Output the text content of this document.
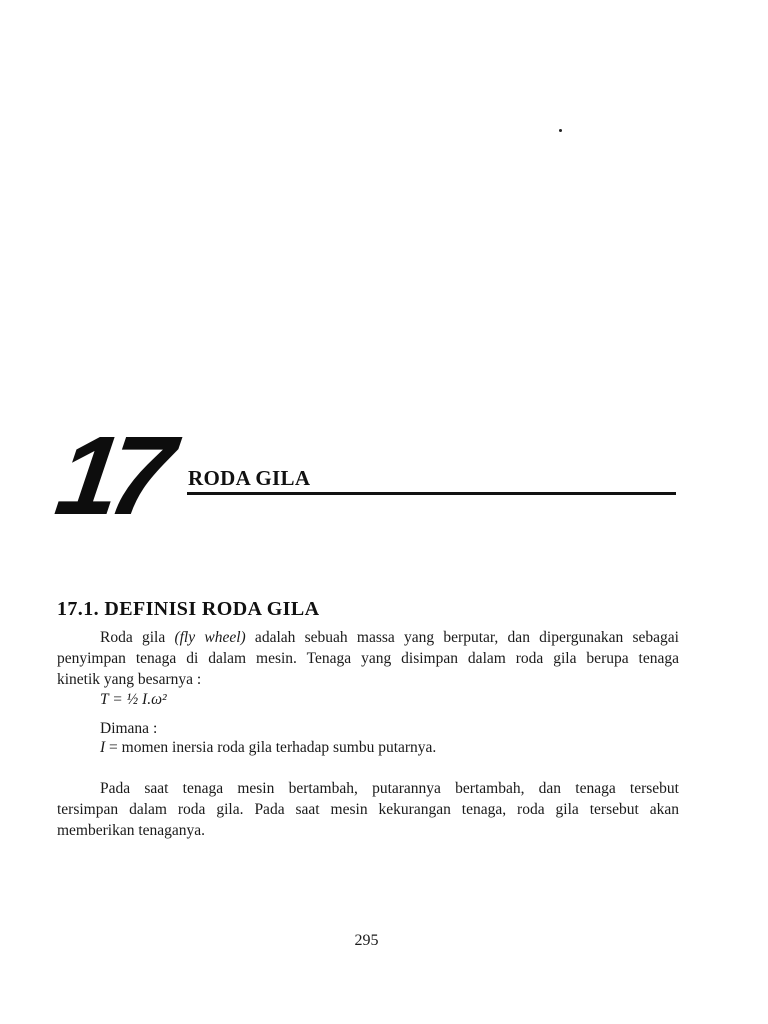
17 RODA GILA
17.1. DEFINISI RODA GILA
Roda gila (fly wheel) adalah sebuah massa yang berputar, dan dipergunakan sebagai
penyimpan tenaga di dalam mesin. Tenaga yang disimpan dalam roda gila berupa tenaga
kinetik yang besarnya :
T = ½ I.ω²
Dimana :
I = momen inersia roda gila terhadap sumbu putarnya.
Pada saat tenaga mesin bertambah, putarannya bertambah, dan tenaga tersebut
tersimpan dalam roda gila. Pada saat mesin kekurangan tenaga, roda gila tersebut akan
memberikan tenaganya.
295
